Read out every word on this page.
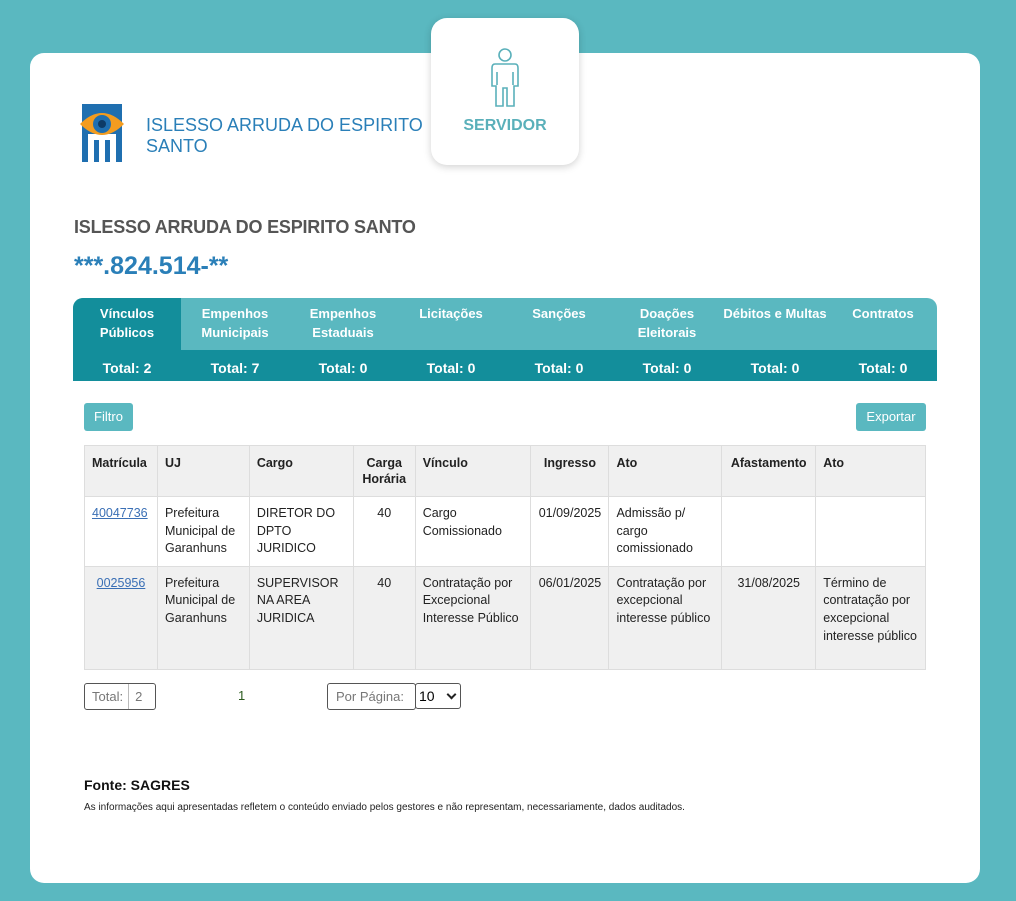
ISLESSO ARRUDA DO ESPIRITO SANTO
SERVIDOR
ISLESSO ARRUDA DO ESPIRITO SANTO
***.824.514-**
Vínculos Públicos
Empenhos Municipais
Empenhos Estaduais
Licitações	Sanções	Doações Eleitorais
Débitos e Multas	Contratos
Total: 2	Total: 7	Total: 0	Total: 0	Total: 0	Total: 0	Total: 0	Total: 0
Filtro	Exportar
Matrícula	UJ	Cargo	Carga Horária	Vínculo	Ingresso	Ato	Afastamento	Ato
40047736	Prefeitura Municipal de Garanhuns	DIRETOR DO DPTO JURIDICO	40	Cargo Comissionado	01/09/2025	Admissão p/ cargo comissionado		
0025956	Prefeitura Municipal de Garanhuns	SUPERVISOR NA AREA JURIDICA	40	Contratação por Excepcional Interesse Público	06/01/2025	Contratação por excepcional interesse público	31/08/2025	Término de contratação por excepcional interesse público
Total: 2	1	Por Página:	10
Fonte: SAGRES
As informações aqui apresentadas refletem o conteúdo enviado pelos gestores e não representam, necessariamente, dados auditados.
